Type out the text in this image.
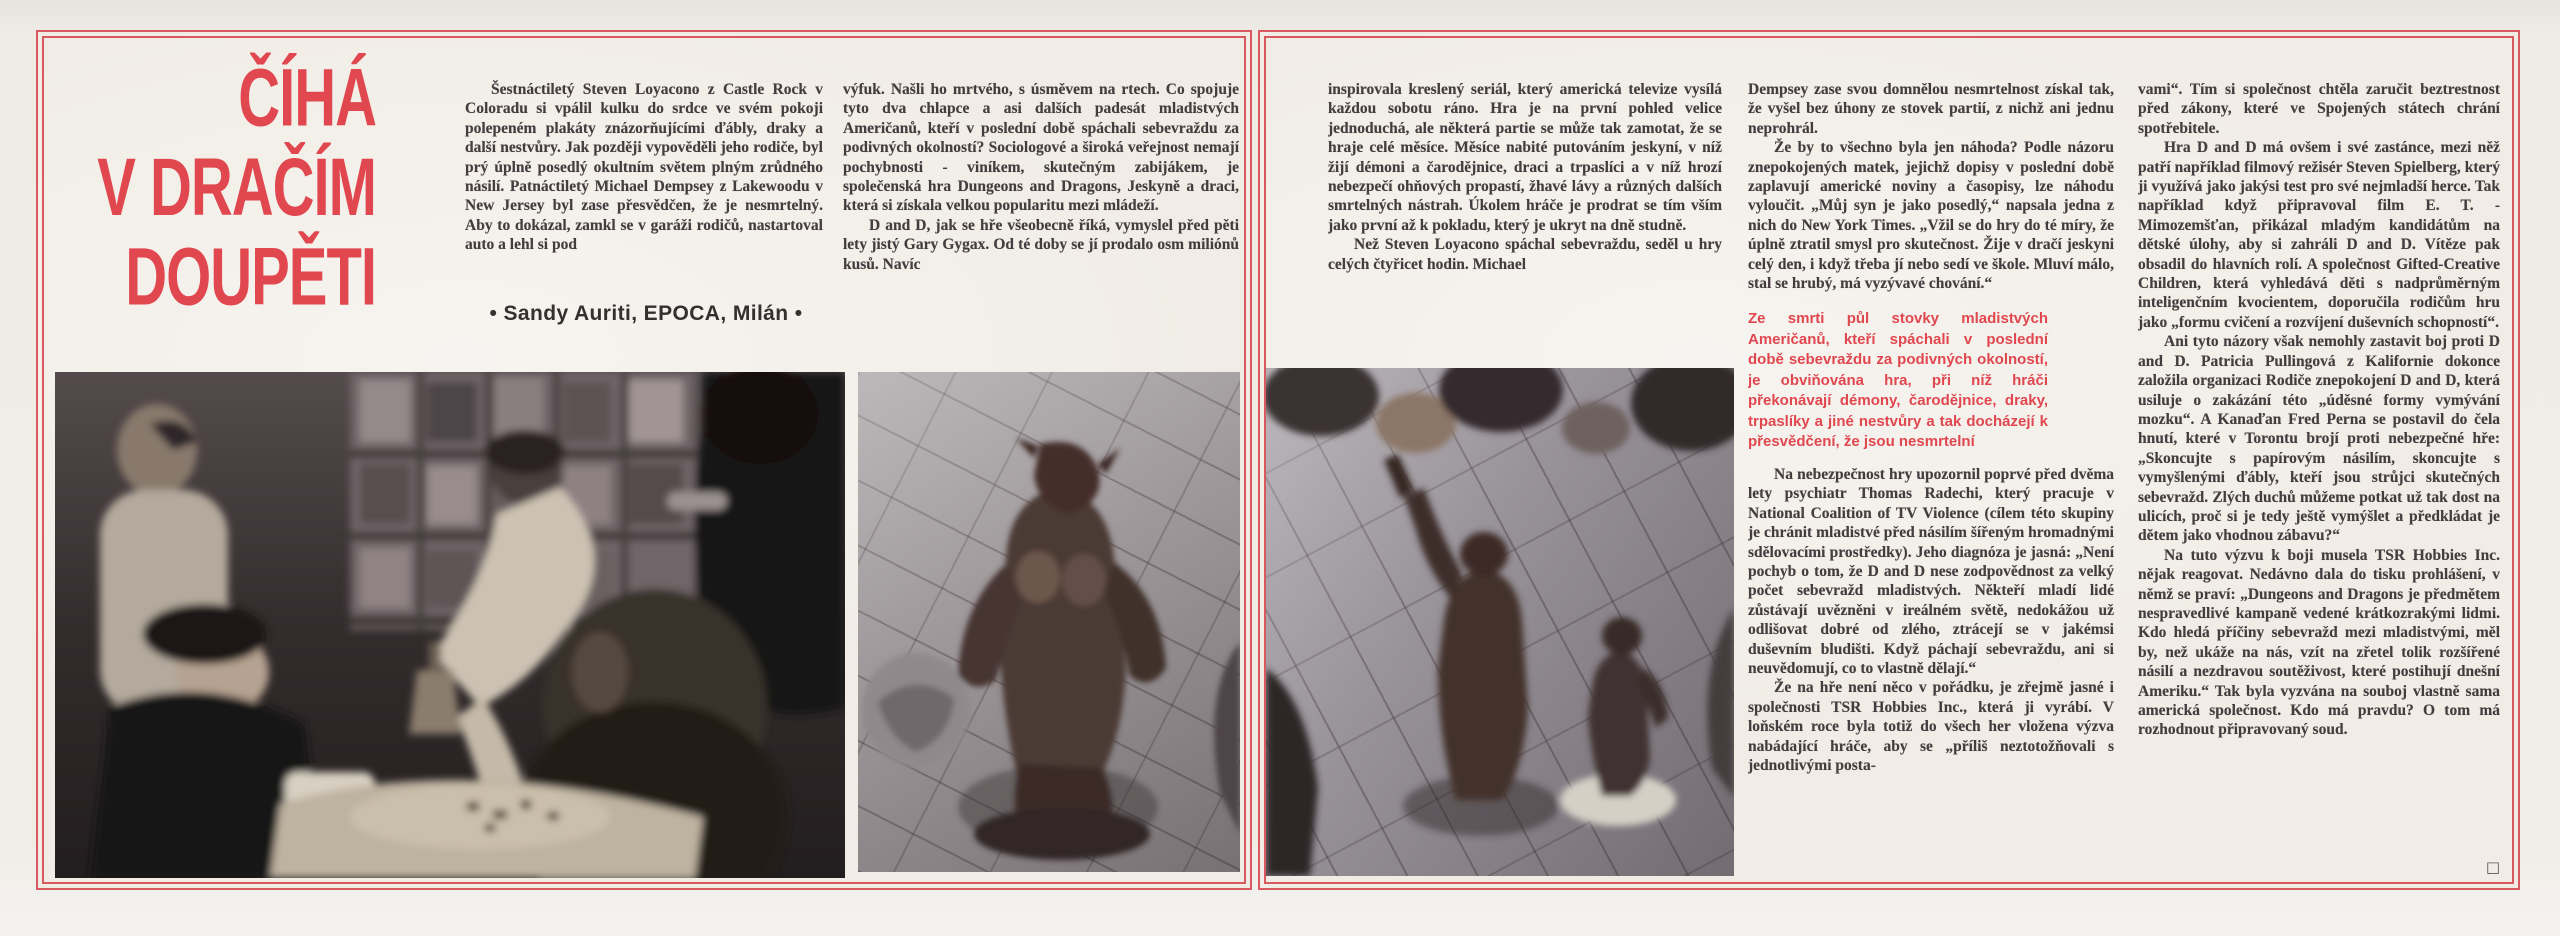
ČÍHÁ
V DRAČÍM
DOUPĚTI

Šestnáctiletý Steven Loyacono z Castle Rock v Coloradu si vpálil kulku do srdce ve svém pokoji polepeném plakáty znázorňujícími ďábly, draky a další nestvůry. Jak později vypověděli jeho rodiče, byl prý úplně posedlý okultním světem plným zrůdného násilí. Patnáctiletý Michael Dempsey z Lakewoodu v New Jersey byl zase přesvědčen, že je nesmrtelný. Aby to dokázal, zamkl se v garáži rodičů, nastartoval auto a lehl si pod

• Sandy Auriti, EPOCA, Milán •

výfuk. Našli ho mrtvého, s úsměvem na rtech. Co spojuje tyto dva chlapce a asi dalších padesát mladistvých Američanů, kteří v poslední době spáchali sebevraždu za podivných okolností? Sociologové a široká veřejnost nemají pochybnosti - viníkem, skutečným zabijákem, je společenská hra Dungeons and Dragons, Jeskyně a draci, která si získala velkou popularitu mezi mládeží.

D and D, jak se hře všeobecně říká, vymyslel před pěti lety jistý Gary Gygax. Od té doby se jí prodalo osm miliónů kusů. Navíc

inspirovala kreslený seriál, který americká televize vysílá každou sobotu ráno. Hra je na první pohled velice jednoduchá, ale některá partie se může tak zamotat, že se hraje celé měsíce. Měsíce nabité putováním jeskyní, v níž žijí démoni a čarodějnice, draci a trpaslíci a v níž hrozí nebezpečí ohňových propastí, žhavé lávy a různých dalších smrtelných nástrah. Úkolem hráče je prodrat se tím vším jako první až k pokladu, který je ukryt na dně studně.

Než Steven Loyacono spáchal sebevraždu, seděl u hry celých čtyřicet hodin. Michael

Dempsey zase svou domnělou nesmrtelnost získal tak, že vyšel bez úhony ze stovek partií, z nichž ani jednu neprohrál.

Že by to všechno byla jen náhoda? Podle názoru znepokojených matek, jejichž dopisy v poslední době zaplavují americké noviny a časopisy, lze náhodu vyloučit. „Můj syn je jako posedlý,“ napsala jedna z nich do New York Times. „Vžil se do hry do té míry, že úplně ztratil smysl pro skutečnost. Žije v dračí jeskyni celý den, i když třeba jí nebo sedí ve škole. Mluví málo, stal se hrubý, má vyzývavé chování.“

Ze smrti půl stovky mladistvých Američanů, kteří spáchali v poslední době sebevraždu za podivných okolností, je obviňována hra, při níž hráči překonávají démony, čarodějnice, draky, trpaslíky a jiné nestvůry a tak docházejí k přesvědčení, že jsou nesmrtelní

Na nebezpečnost hry upozornil poprvé před dvěma lety psychiatr Thomas Radechi, který pracuje v National Coalition of TV Violence (cílem této skupiny je chránit mladistvé před násilím šířeným hromadnými sdělovacími prostředky). Jeho diagnóza je jasná: „Není pochyb o tom, že D and D nese zodpovědnost za velký počet sebevražd mladistvých. Někteří mladí lidé zůstávají uvězněni v ireálném světě, nedokážou už odlišovat dobré od zlého, ztrácejí se v jakémsi duševním bludišti. Když páchají sebevraždu, ani si neuvědomují, co to vlastně dělají.“

Že na hře není něco v pořádku, je zřejmě jasné i společnosti TSR Hobbies Inc., která ji vyrábí. V loňském roce byla totiž do všech her vložena výzva nabádající hráče, aby se „příliš neztotožňovali s jednotlivými posta-

vami“. Tím si společnost chtěla zaručit beztrestnost před zákony, které ve Spojených státech chrání spotřebitele.

Hra D and D má ovšem i své zastánce, mezi něž patří například filmový režisér Steven Spielberg, který ji využívá jako jakýsi test pro své nejmladší herce. Tak například když připravoval film E. T. - Mimozemšťan, přikázal mladým kandidátům na dětské úlohy, aby si zahráli D and D. Vítěze pak obsadil do hlavních rolí. A společnost Gifted-Creative Children, která vyhledává děti s nadprůměrným inteligenčním kvocientem, doporučila rodičům hru jako „formu cvičení a rozvíjení duševních schopností“.

Ani tyto názory však nemohly zastavit boj proti D and D. Patricia Pullingová z Kalifornie dokonce založila organizaci Rodiče znepokojení D and D, která usiluje o zakázání této „úděsné formy vymývání mozku“. A Kanaďan Fred Perna se postavil do čela hnutí, které v Torontu brojí proti nebezpečné hře: „Skoncujte s papírovým násilím, skoncujte s vymyšlenými ďábly, kteří jsou strůjci skutečných sebevražd. Zlých duchů můžeme potkat už tak dost na ulicích, proč si je tedy ještě vymýšlet a předkládat je dětem jako vhodnou zábavu?“

Na tuto výzvu k boji musela TSR Hobbies Inc. nějak reagovat. Nedávno dala do tisku prohlášení, v němž se praví: „Dungeons and Dragons je předmětem nespravedlivé kampaně vedené krátkozrakými lidmi. Kdo hledá příčiny sebevražd mezi mladistvými, měl by, než ukáže na nás, vzít na zřetel tolik rozšířené násilí a nezdravou soutěživost, které postihují dnešní Ameriku.“ Tak byla vyzvána na souboj vlastně sama americká společnost. Kdo má pravdu? O tom má rozhodnout připravovaný soud.

□
